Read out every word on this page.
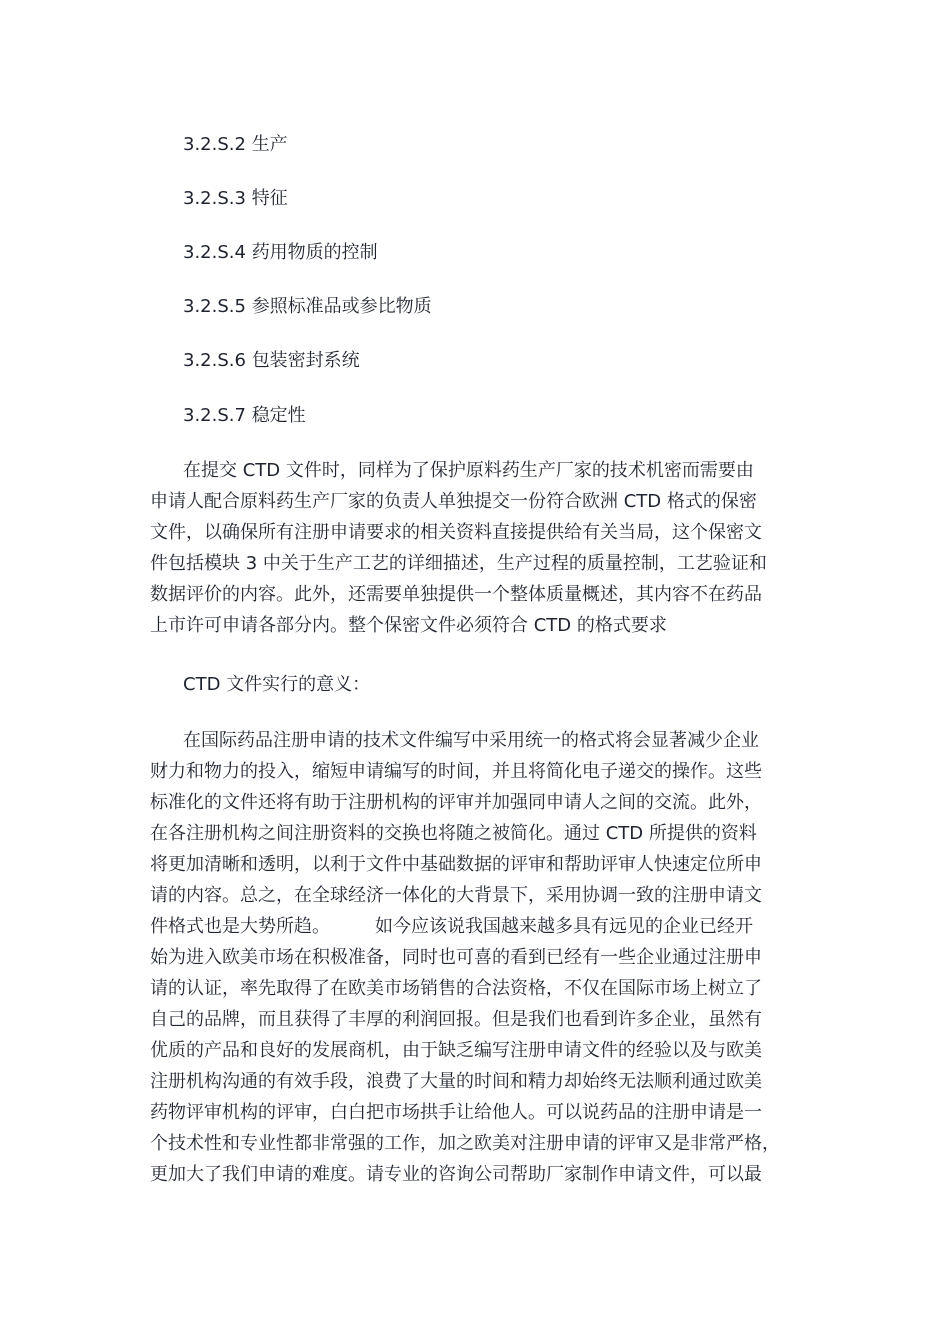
3.2.S.2 生产
3.2.S.3 特征
3.2.S.4 药用物质的控制
3.2.S.5 参照标准品或参比物质
3.2.S.6 包装密封系统
3.2.S.7 稳定性
在提交 CTD 文件时，同样为了保护原料药生产厂家的技术机密而需要由
申请人配合原料药生产厂家的负责人单独提交一份符合欧洲 CTD 格式的保密
文件，以确保所有注册申请要求的相关资料直接提供给有关当局，这个保密文
件包括模块 3 中关于生产工艺的详细描述，生产过程的质量控制，工艺验证和
数据评价的内容。此外，还需要单独提供一个整体质量概述，其内容不在药品
上市许可申请各部分内。整个保密文件必须符合 CTD 的格式要求
CTD 文件实行的意义：
在国际药品注册申请的技术文件编写中采用统一的格式将会显著减少企业
财力和物力的投入，缩短申请编写的时间，并且将简化电子递交的操作。这些
标准化的文件还将有助于注册机构的评审并加强同申请人之间的交流。此外，
在各注册机构之间注册资料的交换也将随之被简化。通过 CTD 所提供的资料
将更加清晰和透明，以利于文件中基础数据的评审和帮助评审人快速定位所申
请的内容。总之，在全球经济一体化的大背景下，采用协调一致的注册申请文
件格式也是大势所趋。　　　如今应该说我国越来越多具有远见的企业已经开
始为进入欧美市场在积极准备，同时也可喜的看到已经有一些企业通过注册申
请的认证，率先取得了在欧美市场销售的合法资格，不仅在国际市场上树立了
自己的品牌，而且获得了丰厚的利润回报。但是我们也看到许多企业，虽然有
优质的产品和良好的发展商机，由于缺乏编写注册申请文件的经验以及与欧美
注册机构沟通的有效手段，浪费了大量的时间和精力却始终无法顺利通过欧美
药物评审机构的评审，白白把市场拱手让给他人。可以说药品的注册申请是一
个技术性和专业性都非常强的工作，加之欧美对注册申请的评审又是非常严格，
更加大了我们申请的难度。请专业的咨询公司帮助厂家制作申请文件，可以最
